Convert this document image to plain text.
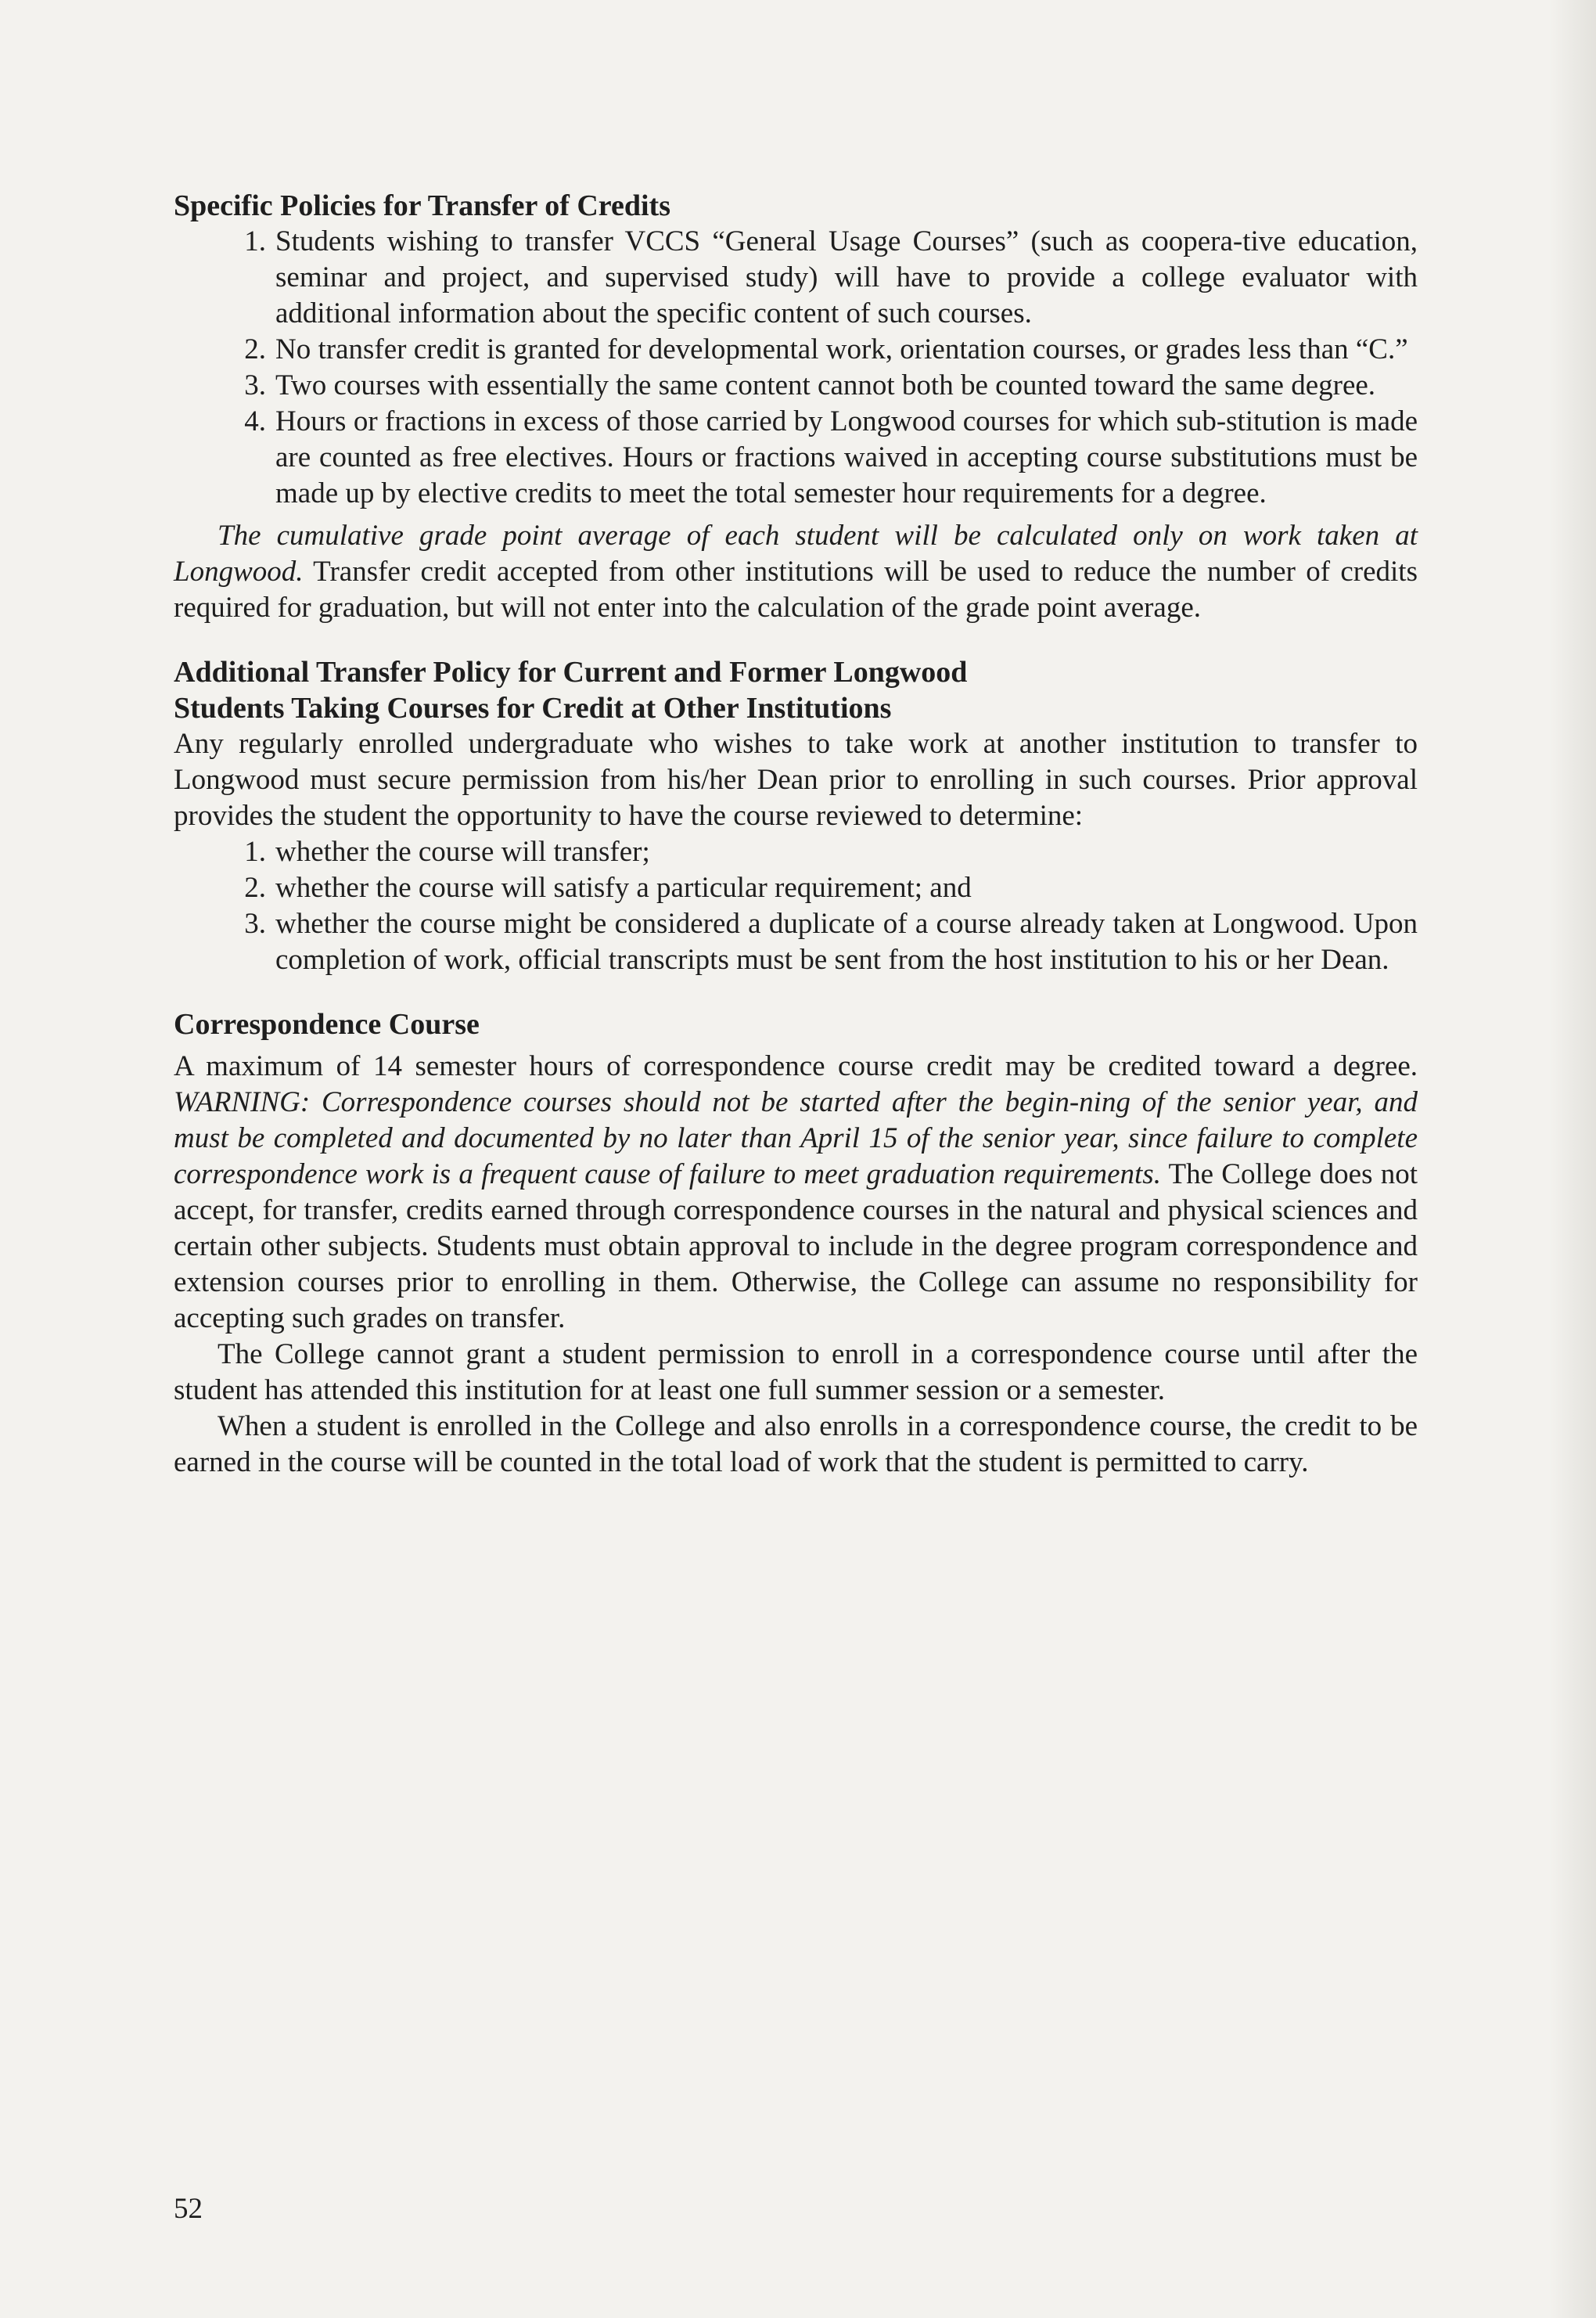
Specific Policies for Transfer of Credits
1. Students wishing to transfer VCCS “General Usage Courses” (such as coopera-tive education, seminar and project, and supervised study) will have to provide a college evaluator with additional information about the specific content of such courses.
2. No transfer credit is granted for developmental work, orientation courses, or grades less than “C.”
3. Two courses with essentially the same content cannot both be counted toward the same degree.
4. Hours or fractions in excess of those carried by Longwood courses for which sub-stitution is made are counted as free electives. Hours or fractions waived in accepting course substitutions must be made up by elective credits to meet the total semester hour requirements for a degree.

The cumulative grade point average of each student will be calculated only on work taken at Longwood. Transfer credit accepted from other institutions will be used to reduce the number of credits required for graduation, but will not enter into the calculation of the grade point average.

Additional Transfer Policy for Current and Former Longwood
Students Taking Courses for Credit at Other Institutions

Any regularly enrolled undergraduate who wishes to take work at another institution to transfer to Longwood must secure permission from his/her Dean prior to enrolling in such courses. Prior approval provides the student the opportunity to have the course reviewed to determine:

1. whether the course will transfer;
2. whether the course will satisfy a particular requirement; and
3. whether the course might be considered a duplicate of a course already taken at Longwood. Upon completion of work, official transcripts must be sent from the host institution to his or her Dean.
Correspondence Course

A maximum of 14 semester hours of correspondence course credit may be credited toward a degree. WARNING: Correspondence courses should not be started after the begin-ning of the senior year, and must be completed and documented by no later than April 15 of the senior year, since failure to complete correspondence work is a frequent cause of failure to meet graduation requirements. The College does not accept, for transfer, credits earned through correspondence courses in the natural and physical sciences and certain other subjects. Students must obtain approval to include in the degree program correspondence and extension courses prior to enrolling in them. Otherwise, the College can assume no responsibility for accepting such grades on transfer.

The College cannot grant a student permission to enroll in a correspondence course until after the student has attended this institution for at least one full summer session or a semester.

When a student is enrolled in the College and also enrolls in a correspondence course, the credit to be earned in the course will be counted in the total load of work that the student is permitted to carry.

52
